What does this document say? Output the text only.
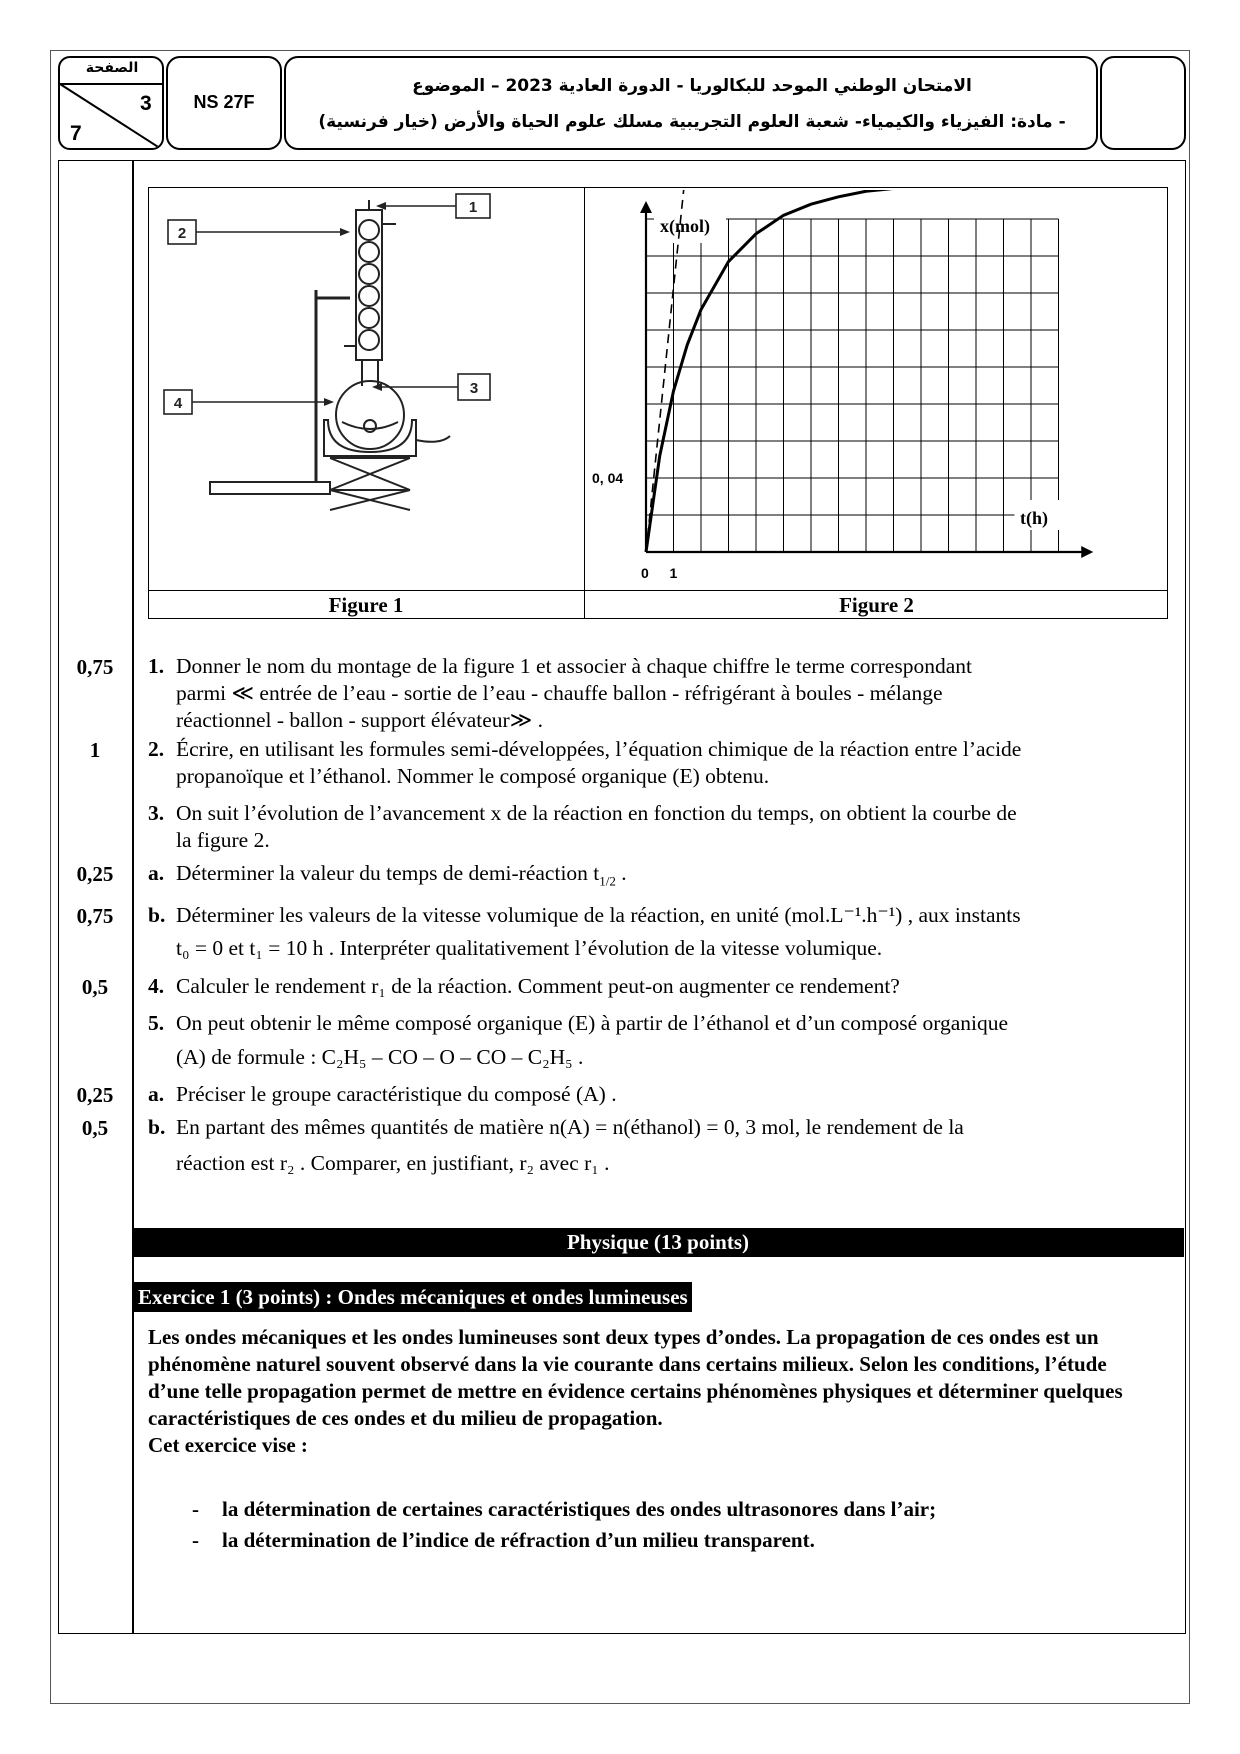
الصفحة
3
7
NS 27F
الامتحان الوطني الموحد للبكالوريا - الدورة العادية 2023 – الموضوع
- مادة: الفيزياء والكيمياء- شعبة العلوم التجريبية مسلك علوم الحياة والأرض (خيار فرنسية)
Figure 1	Figure 2
1
2
3
4
x(mol)
t(h)
0 1
0, 04
0,75
1
0,25
0,75
0,5
0,25
0,5
1. Donner le nom du montage de la figure 1 et associer à chaque chiffre le terme correspondant
parmi ≪ entrée de l’eau - sortie de l’eau - chauffe ballon - réfrigérant à boules - mélange
réactionnel - ballon - support élévateur≫ .
2. Écrire, en utilisant les formules semi-développées, l’équation chimique de la réaction entre l’acide
propanoïque et l’éthanol. Nommer le composé organique (E) obtenu.
3. On suit l’évolution de l’avancement x de la réaction en fonction du temps, on obtient la courbe de
la figure 2.
a. Déterminer la valeur du temps de demi-réaction $t_{1/2}$ .
b. Déterminer les valeurs de la vitesse volumique de la réaction, en unité (mol.L⁻¹.h⁻¹) , aux instants
t₀ = 0 et t₁ = 10 h . Interpréter qualitativement l’évolution de la vitesse volumique.
4. Calculer le rendement r₁ de la réaction. Comment peut-on augmenter ce rendement?
5. On peut obtenir le même composé organique (E) à partir de l’éthanol et d’un composé organique
(A) de formule : C₂H₅ – CO – O – CO – C₂H₅ .
a. Préciser le groupe caractéristique du composé (A) .
b. En partant des mêmes quantités de matière n(A) = n(éthanol) = 0, 3 mol, le rendement de la
réaction est r₂ . Comparer, en justifiant, r₂ avec r₁ .
Physique (13 points)
Exercice 1 (3 points) : Ondes mécaniques et ondes lumineuses
Les ondes mécaniques et les ondes lumineuses sont deux types d’ondes. La propagation de ces ondes est un phénomène naturel souvent observé dans la vie courante dans certains milieux. Selon les conditions, l’étude d’une telle propagation permet de mettre en évidence certains phénomènes physiques et déterminer quelques caractéristiques de ces ondes et du milieu de propagation.
Cet exercice vise :
- la détermination de certaines caractéristiques des ondes ultrasonores dans l’air;
- la détermination de l’indice de réfraction d’un milieu transparent.
